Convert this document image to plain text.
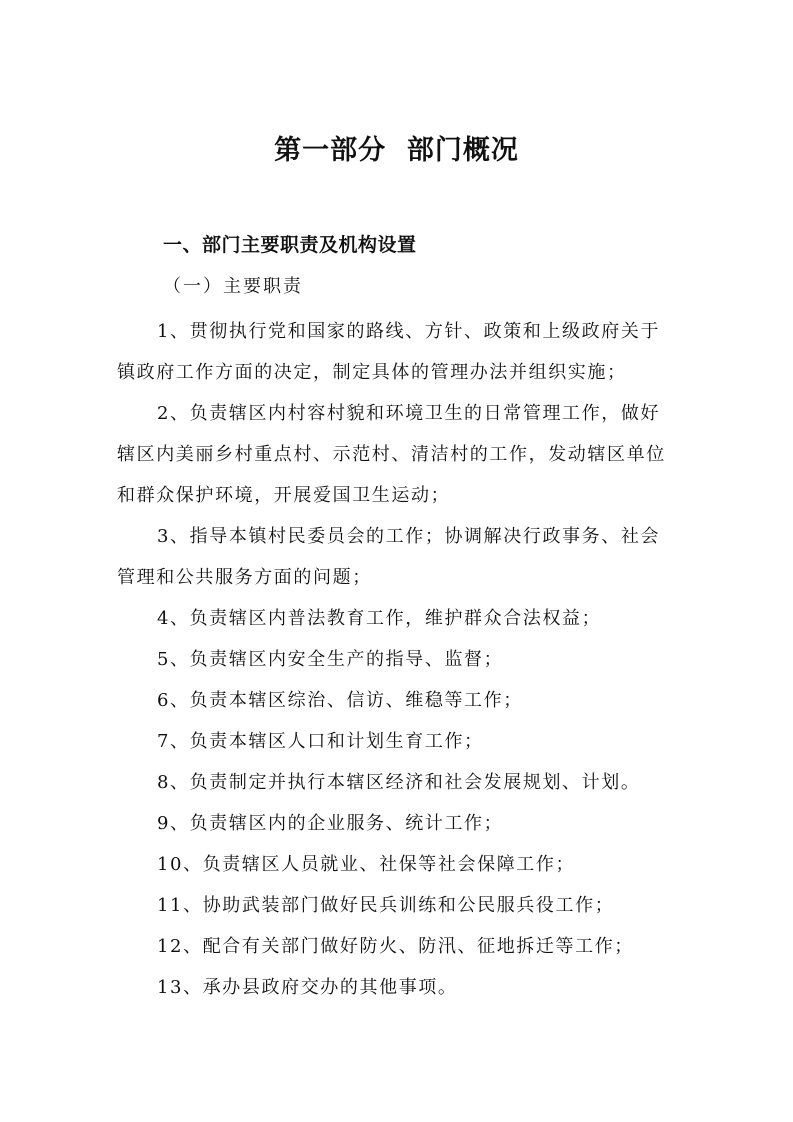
第一部分  部门概况
一、部门主要职责及机构设置
（一）主要职责
1、贯彻执行党和国家的路线、方针、政策和上级政府关于镇政府工作方面的决定，制定具体的管理办法并组织实施；
2、负责辖区内村容村貌和环境卫生的日常管理工作，做好辖区内美丽乡村重点村、示范村、清洁村的工作，发动辖区单位和群众保护环境，开展爱国卫生运动；
3、指导本镇村民委员会的工作；协调解决行政事务、社会管理和公共服务方面的问题；
4、负责辖区内普法教育工作，维护群众合法权益；
5、负责辖区内安全生产的指导、监督；
6、负责本辖区综治、信访、维稳等工作；
7、负责本辖区人口和计划生育工作；
8、负责制定并执行本辖区经济和社会发展规划、计划。
9、负责辖区内的企业服务、统计工作；
10、负责辖区人员就业、社保等社会保障工作；
11、协助武装部门做好民兵训练和公民服兵役工作；
12、配合有关部门做好防火、防汛、征地拆迁等工作；
13、承办县政府交办的其他事项。
